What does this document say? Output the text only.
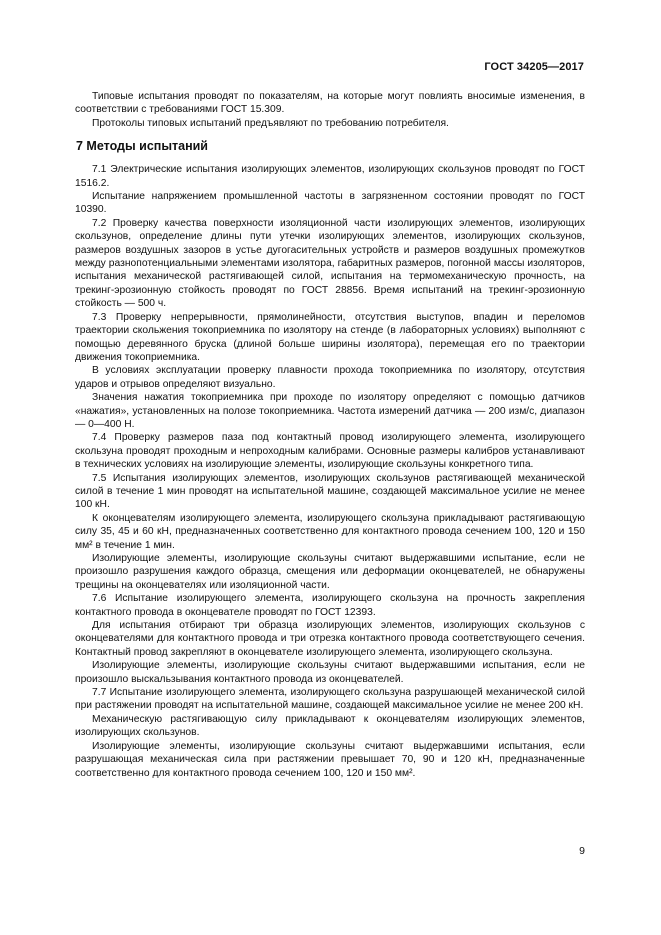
ГОСТ 34205—2017

Типовые испытания проводят по показателям, на которые могут повлиять вносимые изменения, в соответствии с требованиями ГОСТ 15.309.

Протоколы типовых испытаний предъявляют по требованию потребителя.

7 Методы испытаний

7.1 Электрические испытания изолирующих элементов, изолирующих скользунов проводят по ГОСТ 1516.2.

Испытание напряжением промышленной частоты в загрязненном состоянии проводят по ГОСТ 10390.

7.2 Проверку качества поверхности изоляционной части изолирующих элементов, изолирующих скользунов, определение длины пути утечки изолирующих элементов, изолирующих скользунов, размеров воздушных зазоров в устье дугогасительных устройств и размеров воздушных промежутков между разнопотенциальными элементами изолятора, габаритных размеров, погонной массы изоляторов, испытания механической растягивающей силой, испытания на термомеханическую прочность, на трекинг-эрозионную стойкость проводят по ГОСТ 28856. Время испытаний на трекинг-эрозионную стойкость — 500 ч.

7.3 Проверку непрерывности, прямолинейности, отсутствия выступов, впадин и переломов траектории скольжения токоприемника по изолятору на стенде (в лабораторных условиях) выполняют с помощью деревянного бруска (длиной больше ширины изолятора), перемещая его по траектории движения токоприемника.

В условиях эксплуатации проверку плавности прохода токоприемника по изолятору, отсутствия ударов и отрывов определяют визуально.

Значения нажатия токоприемника при проходе по изолятору определяют с помощью датчиков «нажатия», установленных на полозе токоприемника. Частота измерений датчика — 200 изм/с, диапазон — 0—400 Н.

7.4 Проверку размеров паза под контактный провод изолирующего элемента, изолирующего скользуна проводят проходным и непроходным калибрами. Основные размеры калибров устанавливают в технических условиях на изолирующие элементы, изолирующие скользуны конкретного типа.

7.5 Испытания изолирующих элементов, изолирующих скользунов растягивающей механической силой в течение 1 мин проводят на испытательной машине, создающей максимальное усилие не менее 100 кН.

К оконцевателям изолирующего элемента, изолирующего скользуна прикладывают растягивающую силу 35, 45 и 60 кН, предназначенных соответственно для контактного провода сечением 100, 120 и 150 мм² в течение 1 мин.

Изолирующие элементы, изолирующие скользуны считают выдержавшими испытание, если не произошло разрушения каждого образца, смещения или деформации оконцевателей, не обнаружены трещины на оконцевателях или изоляционной части.

7.6 Испытание изолирующего элемента, изолирующего скользуна на прочность закрепления контактного провода в оконцевателе проводят по ГОСТ 12393.

Для испытания отбирают три образца изолирующих элементов, изолирующих скользунов с оконцевателями для контактного провода и три отрезка контактного провода соответствующего сечения. Контактный провод закрепляют в оконцевателе изолирующего элемента, изолирующего скользуна.

Изолирующие элементы, изолирующие скользуны считают выдержавшими испытания, если не произошло выскальзывания контактного провода из оконцевателей.

7.7 Испытание изолирующего элемента, изолирующего скользуна разрушающей механической силой при растяжении проводят на испытательной машине, создающей максимальное усилие не менее 200 кН.

Механическую растягивающую силу прикладывают к оконцевателям изолирующих элементов, изолирующих скользунов.

Изолирующие элементы, изолирующие скользуны считают выдержавшими испытания, если разрушающая механическая сила при растяжении превышает 70, 90 и 120 кН, предназначенные соответственно для контактного провода сечением 100, 120 и 150 мм².

9
